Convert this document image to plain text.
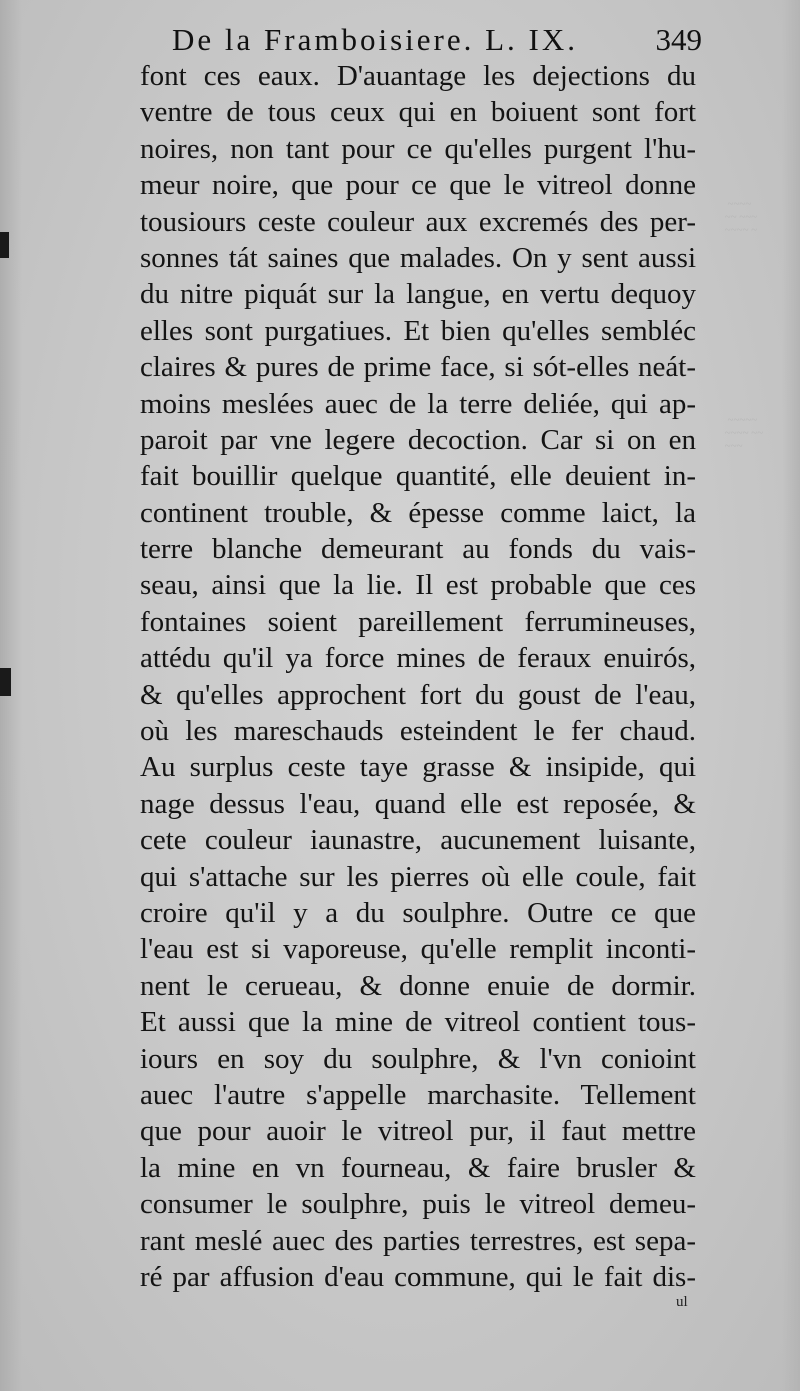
~~~~
~~ ~~~
~~~~ ~
~~~~~
~~~~ ~~
~~~
De la Framboisiere. L. IX.	349
font ces eaux. D'auantage les dejections du
ventre de tous ceux qui en boiuent sont fort
noires, non tant pour ce qu'elles purgent l'hu-
meur noire, que pour ce que le vitreol donne
tousiours ceste couleur aux excremés des per-
sonnes tát saines que malades. On y sent aussi
du nitre piquát sur la langue, en vertu dequoy
elles sont purgatiues. Et bien qu'elles sembléc
claires & pures de prime face, si sót-elles neát-
moins meslées auec de la terre deliée, qui ap-
paroit par vne legere decoction. Car si on en
fait bouillir quelque quantité, elle deuient in-
continent trouble, & épesse comme laict, la
terre blanche demeurant au fonds du vais-
seau, ainsi que la lie. Il est probable que ces
fontaines soient pareillement ferrumineuses,
attédu qu'il ya force mines de feraux enuirós,
& qu'elles approchent fort du goust de l'eau,
où les mareschauds esteindent le fer chaud.
Au surplus ceste taye grasse & insipide, qui
nage dessus l'eau, quand elle est reposée, &
cete couleur iaunastre, aucunement luisante,
qui s'attache sur les pierres où elle coule, fait
croire qu'il y a du soulphre. Outre ce que
l'eau est si vaporeuse, qu'elle remplit inconti-
nent le cerueau, & donne enuie de dormir.
Et aussi que la mine de vitreol contient tous-
iours en soy du soulphre, & l'vn conioint
auec l'autre s'appelle marchasite. Tellement
que pour auoir le vitreol pur, il faut mettre
la mine en vn fourneau, & faire brusler &
consumer le soulphre, puis le vitreol demeu-
rant meslé auec des parties terrestres, est sepa-
ré par affusion d'eau commune, qui le fait dis-
ul
